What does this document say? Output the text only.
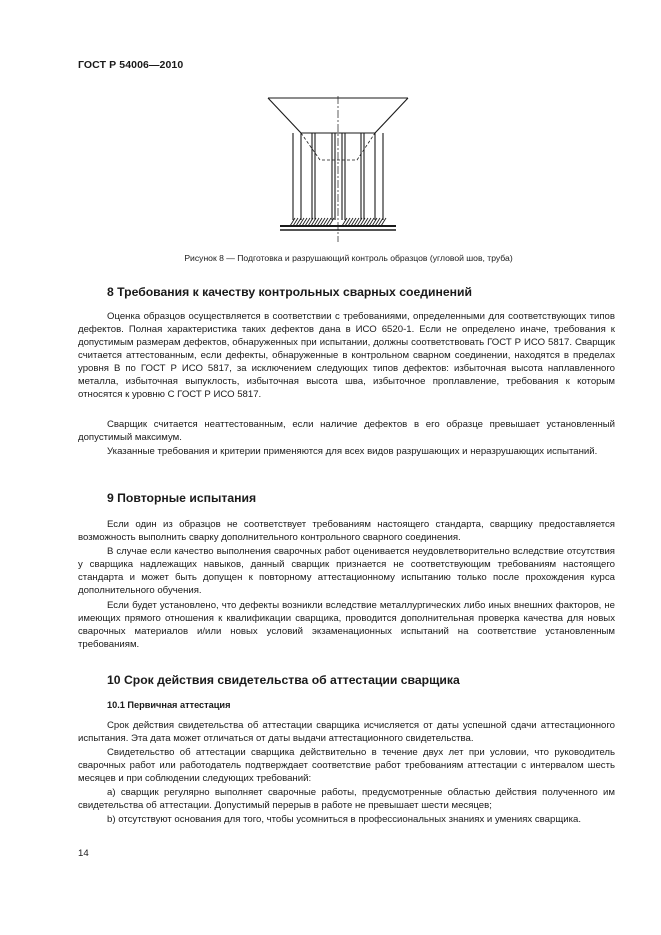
ГОСТ Р 54006—2010
Рисунок 8 — Подготовка и разрушающий контроль образцов (угловой шов, труба)
8 Требования к качеству контрольных сварных соединений

Оценка образцов осуществляется в соответствии с требованиями, определенными для соответствующих типов дефектов. Полная характеристика таких дефектов дана в ИСО 6520-1. Если не определено иначе, требования к допустимым размерам дефектов, обнаруженных при испытании, должны соответствовать ГОСТ Р ИСО 5817. Сварщик считается аттестованным, если дефекты, обнаруженные в контрольном сварном соединении, находятся в пределах уровня В по ГОСТ Р ИСО 5817, за исключением следующих типов дефектов: избыточная высота наплавленного металла, избыточная выпуклость, избыточная высота шва, избыточное проплавление, требования к которым относятся к уровню С ГОСТ Р ИСО 5817.

Сварщик считается неаттестованным, если наличие дефектов в его образце превышает установленный допустимый максимум.

Указанные требования и критерии применяются для всех видов разрушающих и неразрушающих испытаний.

9 Повторные испытания

Если один из образцов не соответствует требованиям настоящего стандарта, сварщику предоставляется возможность выполнить сварку дополнительного контрольного сварного соединения.

В случае если качество выполнения сварочных работ оценивается неудовлетворительно вследствие отсутствия у сварщика надлежащих навыков, данный сварщик признается не соответствующим требованиям настоящего стандарта и может быть допущен к повторному аттестационному испытанию только после прохождения курса дополнительного обучения.

Если будет установлено, что дефекты возникли вследствие металлургических либо иных внешних факторов, не имеющих прямого отношения к квалификации сварщика, проводится дополнительная проверка качества для новых сварочных материалов и/или новых условий экзаменационных испытаний на соответствие установленным требованиям.

10 Срок действия свидетельства об аттестации сварщика
10.1 Первичная аттестация

Срок действия свидетельства об аттестации сварщика исчисляется от даты успешной сдачи аттестационного испытания. Эта дата может отличаться от даты выдачи аттестационного свидетельства.

Свидетельство об аттестации сварщика действительно в течение двух лет при условии, что руководитель сварочных работ или работодатель подтверждает соответствие работ требованиям аттестации с интервалом шесть месяцев и при соблюдении следующих требований:

a) сварщик регулярно выполняет сварочные работы, предусмотренные областью действия полученного им свидетельства об аттестации. Допустимый перерыв в работе не превышает шести месяцев;

b) отсутствуют основания для того, чтобы усомниться в профессиональных знаниях и умениях сварщика.

14
